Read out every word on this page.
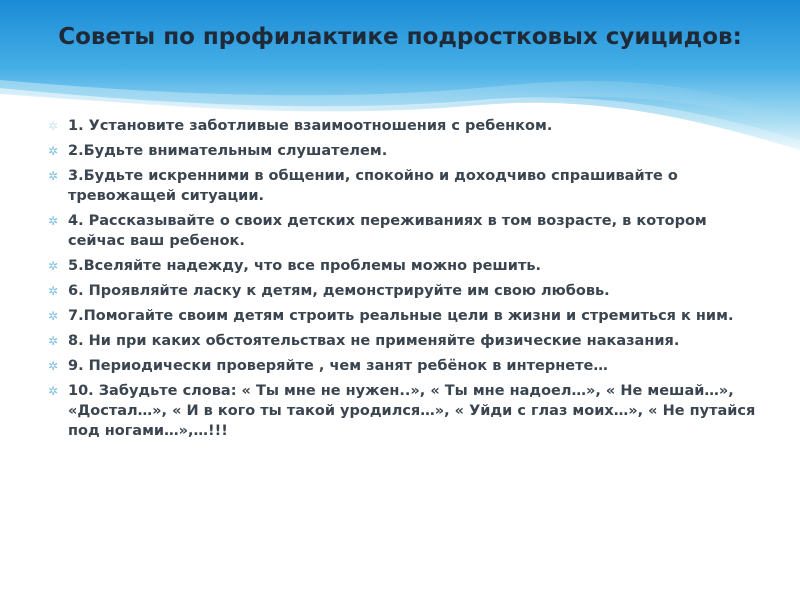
Советы по профилактике подростковых суицидов:
✲ 1. Установите заботливые взаимоотношения с ребенком.
✲ 2.Будьте внимательным слушателем.
✲ 3.Будьте искренними в общении, спокойно и доходчиво спрашивайте о тревожащей ситуации.
✲ 4. Рассказывайте о своих детских переживаниях в том возрасте, в котором сейчас ваш ребенок.
✲ 5.Вселяйте надежду, что все проблемы можно решить.
✲ 6. Проявляйте ласку к детям, демонстрируйте им свою любовь.
✲ 7.Помогайте своим детям строить реальные цели в жизни и стремиться к ним.
✲ 8. Ни при каких обстоятельствах не применяйте физические наказания.
✲ 9. Периодически проверяйте , чем занят ребёнок в интернете…
✲ 10. Забудьте слова: « Ты мне не нужен..», « Ты мне надоел…», « Не мешай…», «Достал…», « И в кого ты такой уродился…», « Уйди с глаз моих…», « Не путайся под ногами…»,…!!!
